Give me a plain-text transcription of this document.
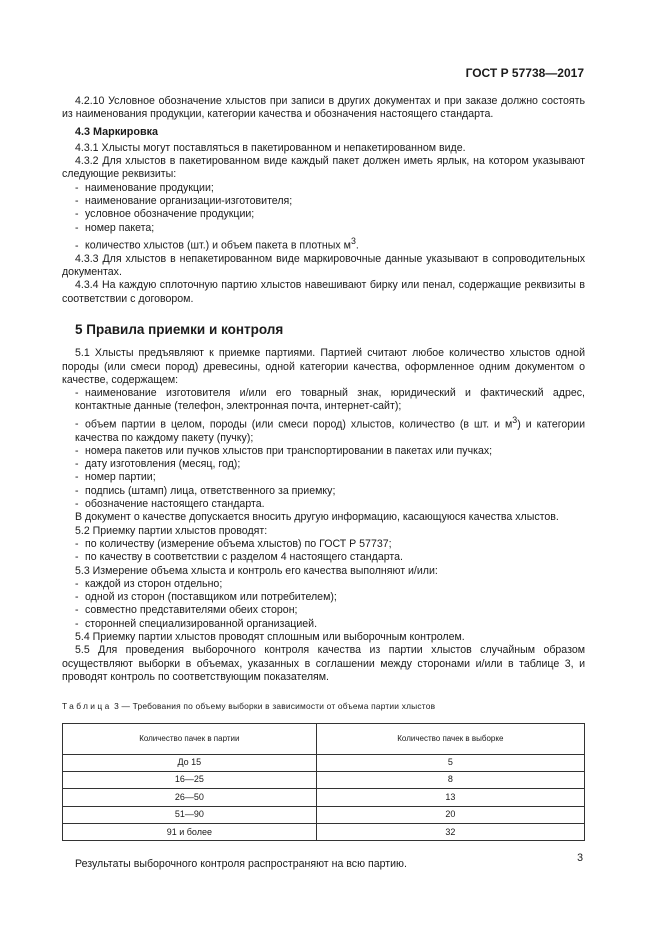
ГОСТ Р 57738—2017

4.2.10 Условное обозначение хлыстов при записи в других документах и при заказе должно состоять из наименования продукции, категории качества и обозначения настоящего стандарта.

4.3 Маркировка

4.3.1 Хлысты могут поставляться в пакетированном и непакетированном виде.

4.3.2 Для хлыстов в пакетированном виде каждый пакет должен иметь ярлык, на котором указывают следующие реквизиты:

- наименование продукции;
- наименование организации-изготовителя;
- условное обозначение продукции;
- номер пакета;
- количество хлыстов (шт.) и объем пакета в плотных $м^3$.

4.3.3 Для хлыстов в непакетированном виде маркировочные данные указывают в сопроводительных документах.

4.3.4 На каждую сплоточную партию хлыстов навешивают бирку или пенал, содержащие реквизиты в соответствии с договором.

5 Правила приемки и контроля

5.1 Хлысты предъявляют к приемке партиями. Партией считают любое количество хлыстов одной породы (или смеси пород) древесины, одной категории качества, оформленное одним документом о качестве, содержащем:

- наименование изготовителя и/или его товарный знак, юридический и фактический адрес, контактные данные (телефон, электронная почта, интернет-сайт);
- объем партии в целом, породы (или смеси пород) хлыстов, количество (в шт. и $м^3$) и категории качества по каждому пакету (пучку);
- номера пакетов или пучков хлыстов при транспортировании в пакетах или пучках;
- дату изготовления (месяц, год);
- номер партии;
- подпись (штамп) лица, ответственного за приемку;
- обозначение настоящего стандарта.

В документ о качестве допускается вносить другую информацию, касающуюся качества хлыстов.

5.2 Приемку партии хлыстов проводят:

- по количеству (измерение объема хлыстов) по ГОСТ Р 57737;
- по качеству в соответствии с разделом 4 настоящего стандарта.

5.3 Измерение объема хлыста и контроль его качества выполняют и/или:

- каждой из сторон отдельно;
- одной из сторон (поставщиком или потребителем);
- совместно представителями обеих сторон;
- сторонней специализированной организацией.

5.4 Приемку партии хлыстов проводят сплошным или выборочным контролем.

5.5 Для проведения выборочного контроля качества из партии хлыстов случайным образом осуществляют выборки в объемах, указанных в соглашении между сторонами и/или в таблице 3, и проводят контроль по соответствующим показателям.

Таблица 3 — Требования по объему выборки в зависимости от объема партии хлыстов
Количество пачек в партии	Количество пачек в выборке
До 15	5
16—25	8
26—50	13
51—90	20
91 и более	32

Результаты выборочного контроля распространяют на всю партию.

3
